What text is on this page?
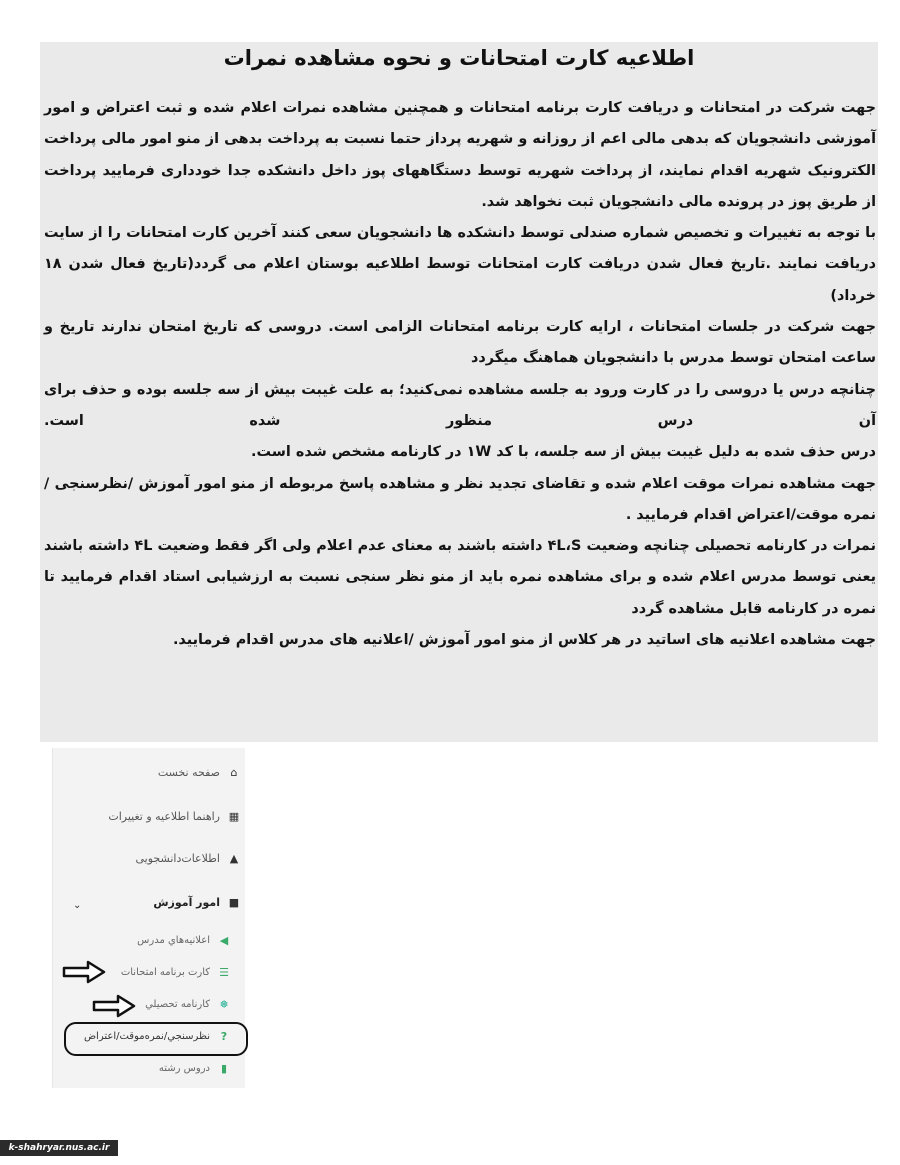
اطلاعیه کارت امتحانات و نحوه مشاهده نمرات

جهت شرکت در امتحانات و دریافت کارت برنامه امتحانات و همچنین مشاهده نمرات اعلام شده و ثبت اعتراض و امور آموزشی دانشجویان که بدهی مالی اعم از روزانه و شهریه پرداز حتما نسبت به پرداخت بدهی از منو امور مالی پرداخت الکترونیک شهریه اقدام نمایند، از پرداخت شهریه توسط دستگاههای پوز داخل دانشکده جدا خودداری فرمایید پرداخت از طریق پوز در پرونده مالی دانشجویان ثبت نخواهد شد.

با توجه به تغییرات و تخصیص شماره صندلی توسط دانشکده ها دانشجویان سعی کنند آخرین کارت امتحانات را از سایت دریافت نمایند .تاریخ فعال شدن دریافت کارت امتحانات توسط اطلاعیه بوستان اعلام می گردد(تاریخ فعال شدن ۱۸ خرداد)

جهت شرکت در جلسات امتحانات ، ارایه کارت برنامه امتحانات الزامی است. دروسی که تاریخ امتحان ندارند تاریخ و ساعت امتحان توسط مدرس با دانشجویان هماهنگ میگردد

چنانچه درس یا دروسی را در کارت ورود به جلسه مشاهده نمی‌کنید؛ به علت غیبت بیش از سه جلسه بوده و حذف برای آن درس منظور شده است.

درس حذف شده به دلیل غیبت بیش از سه جلسه، با کد ۱W در کارنامه مشخص شده است.

جهت مشاهده نمرات موقت اعلام شده و تقاضای تجدید نظر و مشاهده پاسخ مربوطه از منو امور آموزش /نظرسنجی /نمره موقت/اعتراض اقدام فرمایید .

نمرات در کارنامه تحصیلی چنانچه وضعیت ۴L،S داشته باشند به معنای عدم اعلام ولی اگر فقط وضعیت ۴L داشته باشند یعنی توسط مدرس اعلام شده و برای مشاهده نمره باید از منو نظر سنجی نسبت به ارزشیابی استاد اقدام فرمایید تا نمره در کارنامه قابل مشاهده گردد

جهت مشاهده اعلانیه های اساتید در هر کلاس از منو امور آموزش /اعلانیه های مدرس اقدام فرمایید.

⌂
صفحه نخست
▦
راهنما اطلاعیه و تغییرات
▲
اطلاعات‌دانشجویی
■
امور آموزش
⌄
◀
اعلانیه‌هاي مدرس
☰
کارت برنامه امتحانات
❅
کارنامه تحصيلي
?
نظرسنجي/نمره‌موقت/اعتراض
▮
دروس رشته
k-shahryar.nus.ac.ir
